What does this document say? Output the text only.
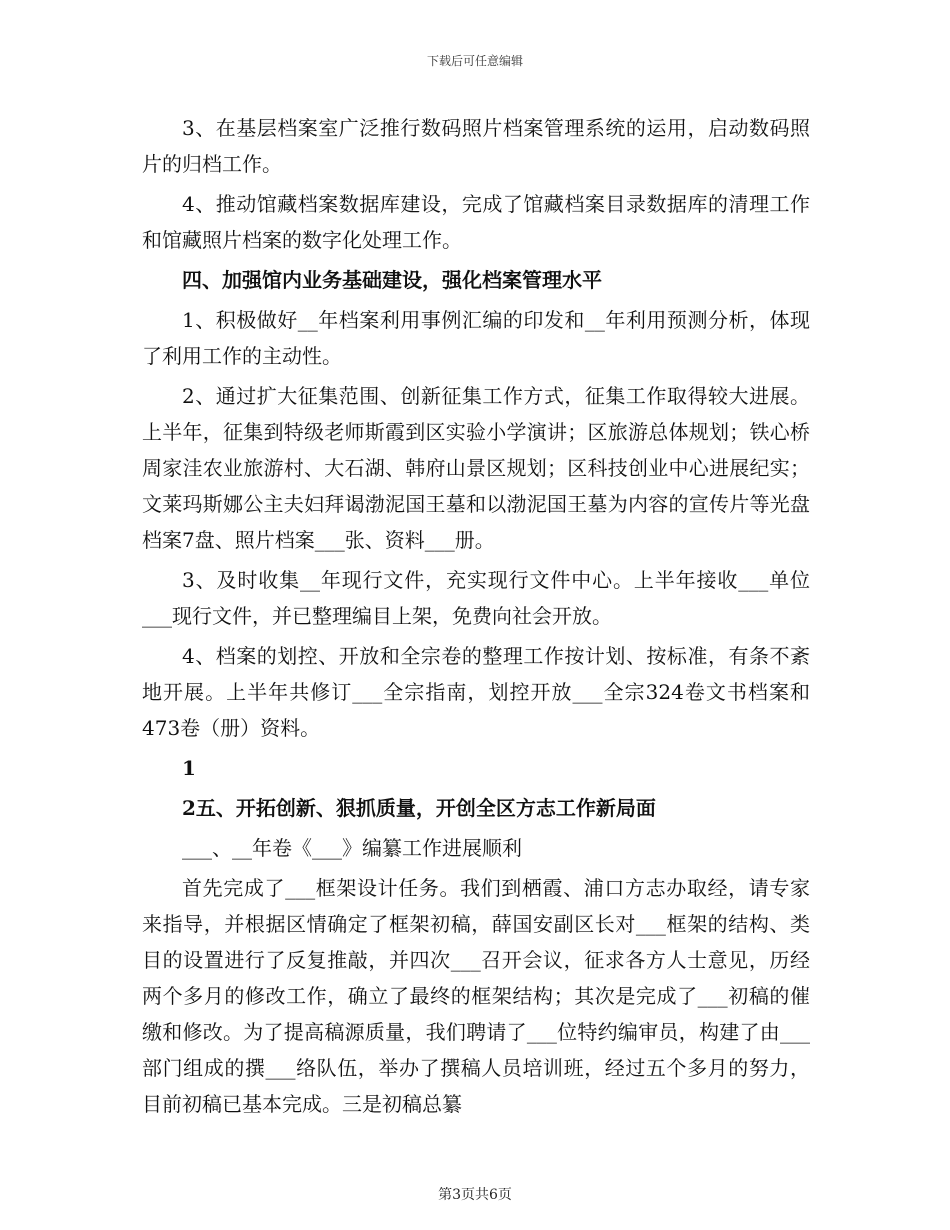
下载后可任意编辑

3、在基层档案室广泛推行数码照片档案管理系统的运用，启动数码照片的归档工作。

4、推动馆藏档案数据库建设，完成了馆藏档案目录数据库的清理工作和馆藏照片档案的数字化处理工作。

四、加强馆内业务基础建设，强化档案管理水平

1、积极做好__年档案利用事例汇编的印发和__年利用预测分析，体现了利用工作的主动性。

2、通过扩大征集范围、创新征集工作方式，征集工作取得较大进展。上半年，征集到特级老师斯霞到区实验小学演讲；区旅游总体规划；铁心桥周家洼农业旅游村、大石湖、韩府山景区规划；区科技创业中心进展纪实；文莱玛斯娜公主夫妇拜谒渤泥国王墓和以渤泥国王墓为内容的宣传片等光盘档案7盘、照片档案___张、资料___册。

3、及时收集__年现行文件，充实现行文件中心。上半年接收___单位___现行文件，并已整理编目上架，免费向社会开放。

4、档案的划控、开放和全宗卷的整理工作按计划、按标准，有条不紊地开展。上半年共修订___全宗指南，划控开放___全宗324卷文书档案和473卷（册）资料。

1

2五、开拓创新、狠抓质量，开创全区方志工作新局面

___、__年卷《___》编纂工作进展顺利

首先完成了___框架设计任务。我们到栖霞、浦口方志办取经，请专家来指导，并根据区情确定了框架初稿，薛国安副区长对___框架的结构、类目的设置进行了反复推敲，并四次___召开会议，征求各方人士意见，历经两个多月的修改工作，确立了最终的框架结构；其次是完成了___初稿的催缴和修改。为了提高稿源质量，我们聘请了___位特约编审员，构建了由___部门组成的撰___络队伍，举办了撰稿人员培训班，经过五个多月的努力，目前初稿已基本完成。三是初稿总纂

第3页共6页
